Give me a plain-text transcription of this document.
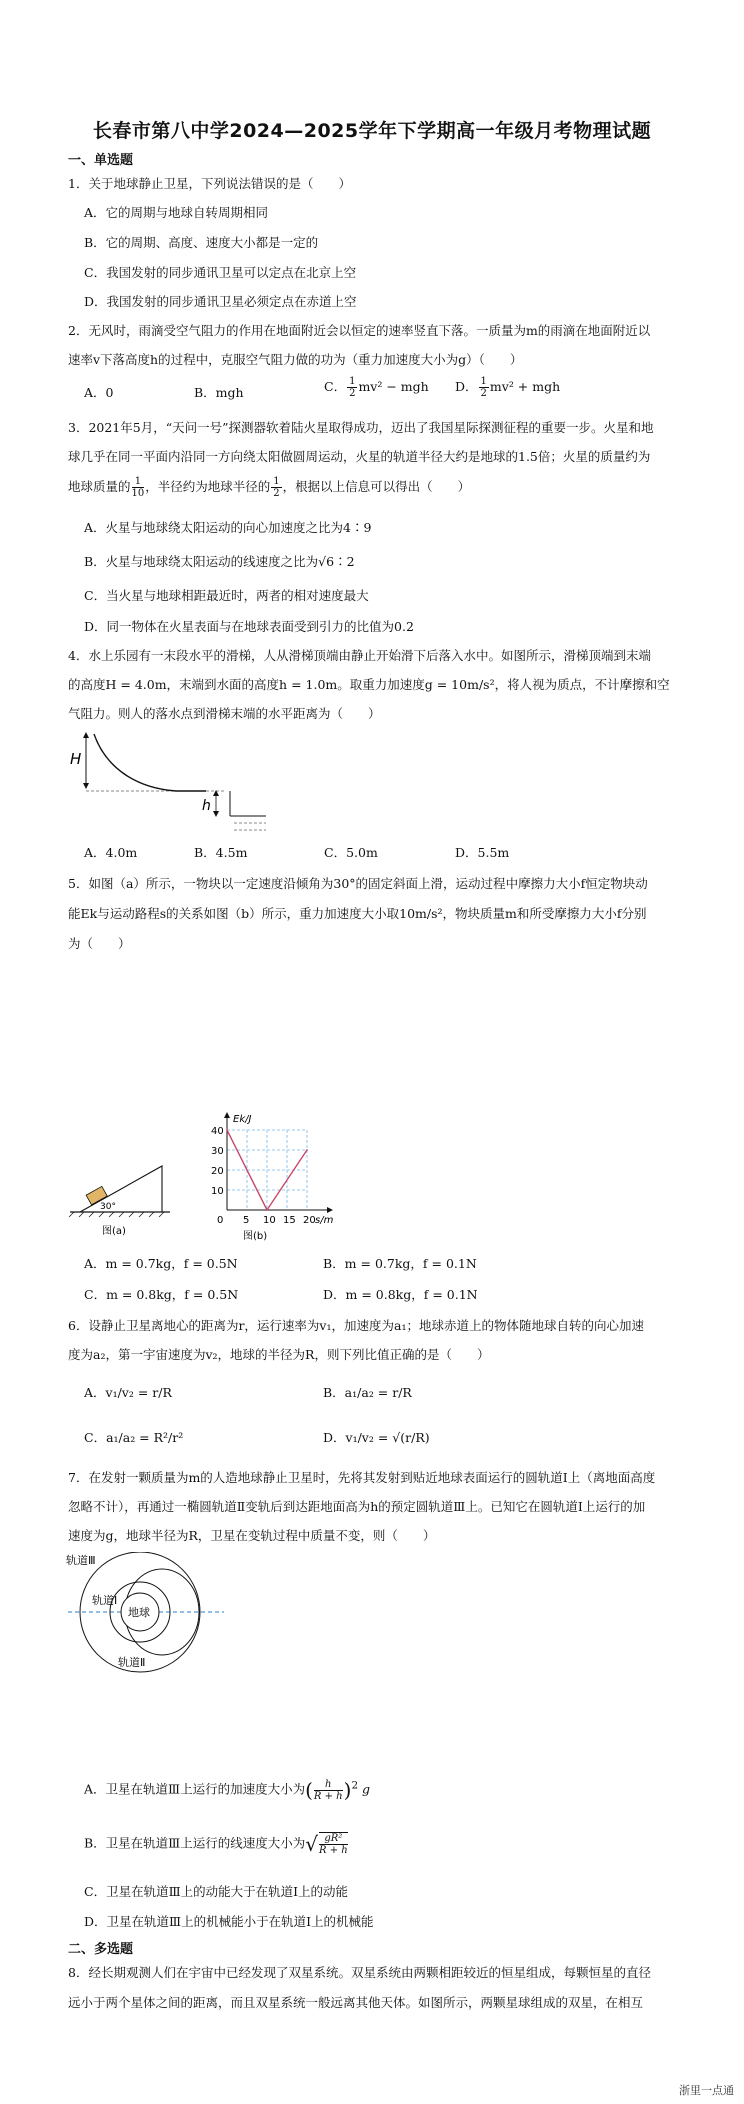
长春市第八中学2024—2025学年下学期高一年级月考物理试题
一、单选题
1．关于地球静止卫星，下列说法错误的是（　　）
A．它的周期与地球自转周期相同
B．它的周期、高度、速度大小都是一定的
C．我国发射的同步通讯卫星可以定点在北京上空
D．我国发射的同步通讯卫星必须定点在赤道上空
2．无风时，雨滴受空气阻力的作用在地面附近会以恒定的速率竖直下落。一质量为m的雨滴在地面附近以
速率v下落高度h的过程中，克服空气阻力做的功为（重力加速度大小为g）（　　）
A．0	B．mgh	C． $\frac{1}{2} mv^2$ − mgh D． $\frac{1}{2} mv^2$ + mgh
3．2021年5月，“天问一号”探测器软着陆火星取得成功，迈出了我国星际探测征程的重要一步。火星和地
球几乎在同一平面内沿同一方向绕太阳做圆周运动，火星的轨道半径大约是地球的1.5倍；火星的质量约为
地球质量的 $\frac{1}{10}$ ，半径约为地球半径的 $\frac{1}{2}$ ，根据以上信息可以得出（　　）
A．火星与地球绕太阳运动的向心加速度之比为4∶9
B．火星与地球绕太阳运动的线速度之比为√6∶2
C．当火星与地球相距最近时，两者的相对速度最大
D．同一物体在火星表面与在地球表面受到引力的比值为0.2
4．水上乐园有一末段水平的滑梯，人从滑梯顶端由静止开始滑下后落入水中。如图所示，滑梯顶端到末端
的高度H = 4.0m，末端到水面的高度h = 1.0m。取重力加速度g = 10m/s²，将人视为质点，不计摩擦和空
气阻力。则人的落水点到滑梯末端的水平距离为（　　）
H
h
A．4.0m	B．4.5m	C．5.0m	D．5.5m
5．如图（a）所示，一物块以一定速度沿倾角为30°的固定斜面上滑，运动过程中摩擦力大小f恒定物块动
能Ek与运动路程s的关系如图（b）所示，重力加速度大小取10m/s²，物块质量m和所受摩擦力大小f分别
为（　　）
30°
图(a)
5 10 15 20
10
20
30
40
0	s/m
Ek/J
图(b)
A．m = 0.7kg，f = 0.5N	B．m = 0.7kg，f = 0.1N
C．m = 0.8kg，f = 0.5N	D．m = 0.8kg，f = 0.1N
6．设静止卫星离地心的距离为r，运行速率为v₁，加速度为a₁；地球赤道上的物体随地球自转的向心加速
度为a₂，第一宇宙速度为v₂，地球的半径为R，则下列比值正确的是（　　）
A．v₁/v₂ = r/R	B．a₁/a₂ = r/R
C．a₁/a₂ = R²/r²	D．v₁/v₂ = √(r/R)
7．在发射一颗质量为m的人造地球静止卫星时，先将其发射到贴近地球表面运行的圆轨道Ⅰ上（离地面高度
忽略不计），再通过一椭圆轨道Ⅱ变轨后到达距地面高为h的预定圆轨道Ⅲ上。已知它在圆轨道Ⅰ上运行的加
速度为g，地球半径为R，卫星在变轨过程中质量不变，则（　　）
地球
轨道Ⅲ
轨道Ⅰ
轨道Ⅱ
A．卫星在轨道Ⅲ上运行的加速度大小为( $\frac{h}{R + h} )^2$ g
B．卫星在轨道Ⅲ上运行的线速度大小为√ $\frac{\text{gR²}}{R + h}$
C．卫星在轨道Ⅲ上的动能大于在轨道Ⅰ上的动能
D．卫星在轨道Ⅲ上的机械能小于在轨道Ⅰ上的机械能
二、多选题
8．经长期观测人们在宇宙中已经发现了双星系统。双星系统由两颗相距较近的恒星组成，每颗恒星的直径
远小于两个星体之间的距离，而且双星系统一般远离其他天体。如图所示，两颗星球组成的双星，在相互
浙里一点通
